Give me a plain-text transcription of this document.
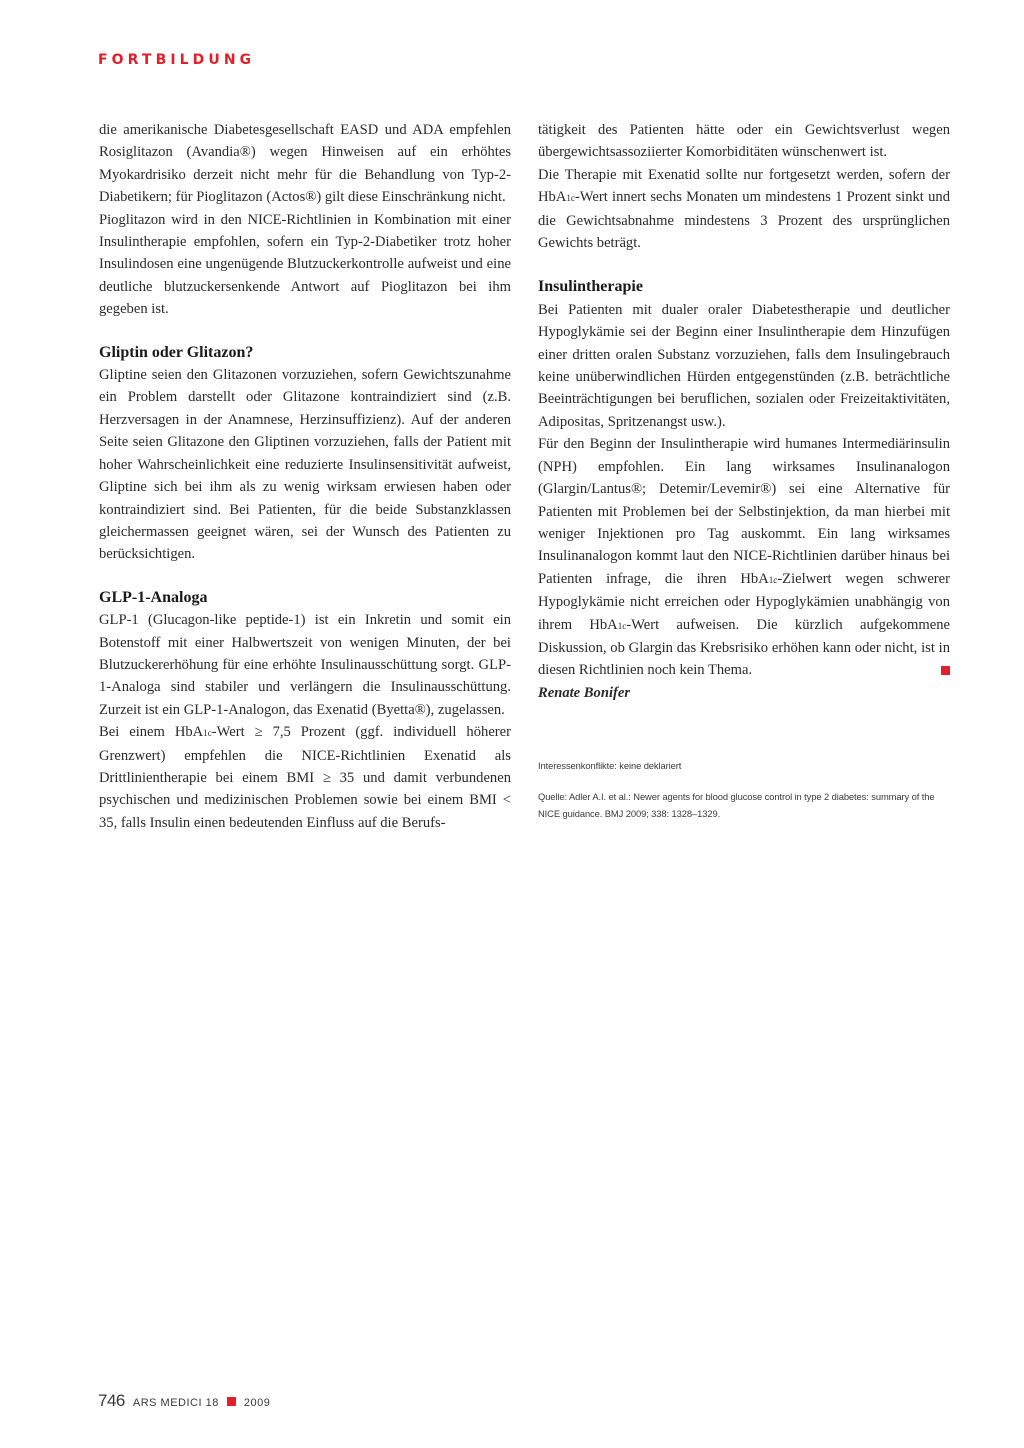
FORTBILDUNG

die amerikanische Diabetesgesellschaft EASD und ADA empfehlen Rosiglitazon (Avandia®) wegen Hinweisen auf ein erhöhtes Myokardrisiko derzeit nicht mehr für die Behandlung von Typ-2-Diabetikern; für Pioglitazon (Actos®) gilt diese Einschränkung nicht.

Pioglitazon wird in den NICE-Richtlinien in Kombination mit einer Insulintherapie empfohlen, sofern ein Typ-2-Diabetiker trotz hoher Insulindosen eine ungenügende Blutzuckerkontrolle aufweist und eine deutliche blutzuckersenkende Antwort auf Pioglitazon bei ihm gegeben ist.

Gliptin oder Glitazon?

Gliptine seien den Glitazonen vorzuziehen, sofern Gewichtszunahme ein Problem darstellt oder Glitazone kontraindiziert sind (z.B. Herzversagen in der Anamnese, Herzinsuffizienz). Auf der anderen Seite seien Glitazone den Gliptinen vorzuziehen, falls der Patient mit hoher Wahrscheinlichkeit eine reduzierte Insulinsensitivität aufweist, Gliptine sich bei ihm als zu wenig wirksam erwiesen haben oder kontraindiziert sind. Bei Patienten, für die beide Substanzklassen gleichermassen geeignet wären, sei der Wunsch des Patienten zu berücksichtigen.

GLP-1-Analoga

GLP-1 (Glucagon-like peptide-1) ist ein Inkretin und somit ein Botenstoff mit einer Halbwertszeit von wenigen Minuten, der bei Blutzuckererhöhung für eine erhöhte Insulinausschüttung sorgt. GLP-1-Analoga sind stabiler und verlängern die Insulinausschüttung. Zurzeit ist ein GLP-1-Analogon, das Exenatid (Byetta®), zugelassen.

Bei einem HbA1c-Wert ≥ 7,5 Prozent (ggf. individuell höherer Grenzwert) empfehlen die NICE-Richtlinien Exenatid als Drittlinientherapie bei einem BMI ≥ 35 und damit verbundenen psychischen und medizinischen Problemen sowie bei einem BMI < 35, falls Insulin einen bedeutenden Einfluss auf die Berufs-

tätigkeit des Patienten hätte oder ein Gewichtsverlust wegen übergewichtsassoziierter Komorbiditäten wünschenwert ist.

Die Therapie mit Exenatid sollte nur fortgesetzt werden, sofern der HbA1c-Wert innert sechs Monaten um mindestens 1 Prozent sinkt und die Gewichtsabnahme mindestens 3 Prozent des ursprünglichen Gewichts beträgt.

Insulintherapie

Bei Patienten mit dualer oraler Diabetestherapie und deutlicher Hypoglykämie sei der Beginn einer Insulintherapie dem Hinzufügen einer dritten oralen Substanz vorzuziehen, falls dem Insulingebrauch keine unüberwindlichen Hürden entgegenstünden (z.B. beträchtliche Beeinträchtigungen bei beruflichen, sozialen oder Freizeitaktivitäten, Adipositas, Spritzenangst usw.).

Für den Beginn der Insulintherapie wird humanes Intermediärinsulin (NPH) empfohlen. Ein lang wirksames Insulinanalogon (Glargin/Lantus®; Detemir/Levemir®) sei eine Alternative für Patienten mit Problemen bei der Selbstinjektion, da man hierbei mit weniger Injektionen pro Tag auskommt. Ein lang wirksames Insulinanalogon kommt laut den NICE-Richtlinien darüber hinaus bei Patienten infrage, die ihren HbA1c-Zielwert wegen schwerer Hypoglykämie nicht erreichen oder Hypoglykämien unabhängig von ihrem HbA1c-Wert aufweisen. Die kürzlich aufgekommene Diskussion, ob Glargin das Krebsrisiko erhöhen kann oder nicht, ist in diesen Richtlinien noch kein Thema.

Renate Bonifer

Interessenkonflikte: keine deklariert

Quelle: Adler A.I. et al.: Newer agents for blood glucose control in type 2 diabetes: summary of the NICE guidance. BMJ 2009; 338: 1328–1329.

746 ARS MEDICI 18 2009
